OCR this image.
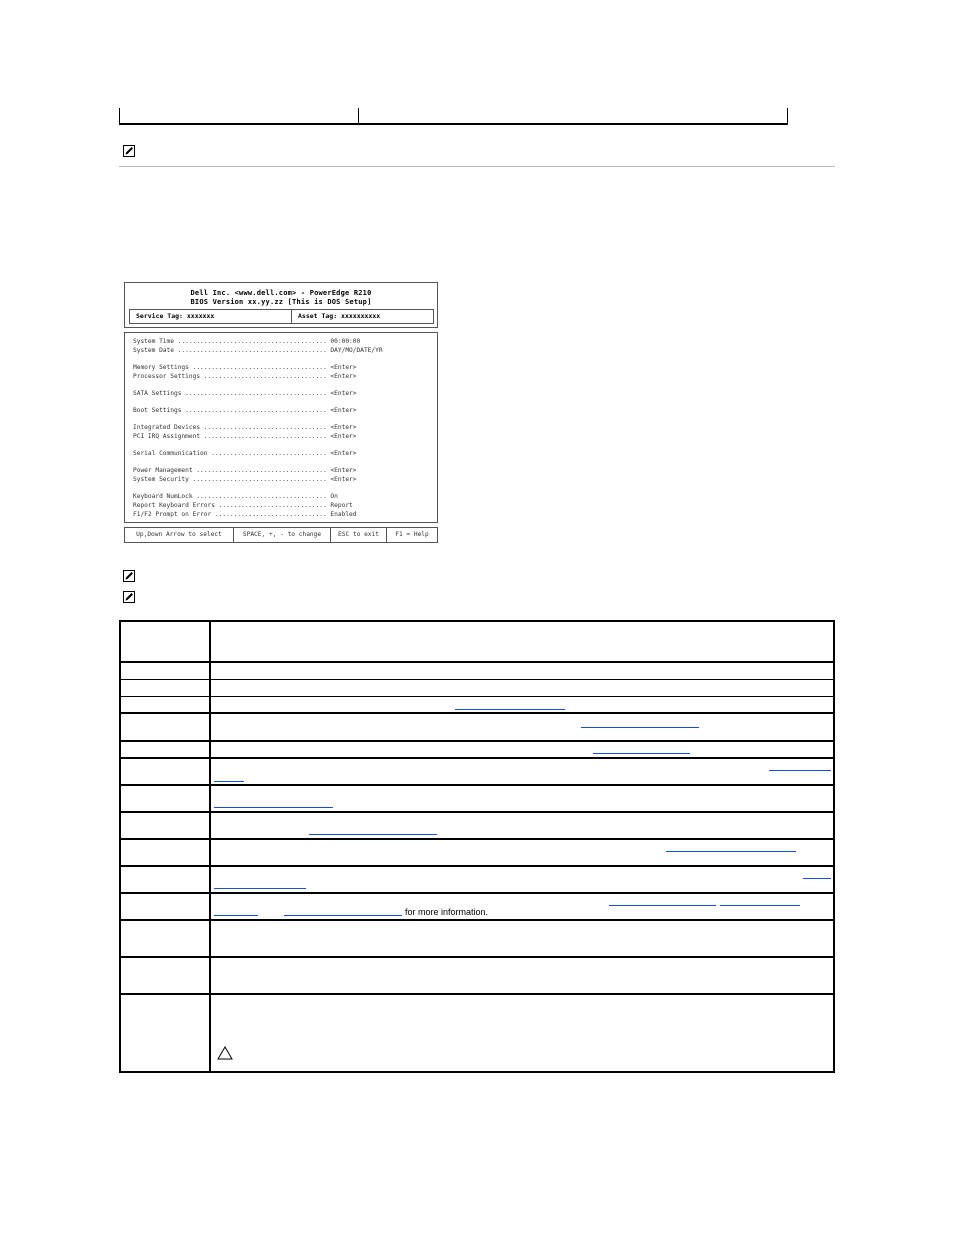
Dell Inc. <www.dell.com> - PowerEdge R210
BIOS Version xx.yy.zz [This is DOS Setup]
Service Tag: xxxxxxx	Asset Tag: xxxxxxxxxx
System Time ........................................ 00:00:00
System Date ........................................ DAY/MO/DATE/YR
Memory Settings .................................... <Enter>
Processor Settings ................................. <Enter>
SATA Settings ...................................... <Enter>
Boot Settings ...................................... <Enter>
Integrated Devices ................................. <Enter>
PCI IRQ Assignment ................................. <Enter>
Serial Communication ............................... <Enter>
Power Management ................................... <Enter>
System Security .................................... <Enter>
Keyboard NumLock ................................... On
Report Keyboard Errors ............................. Report
F1/F2 Prompt on Error .............................. Enabled
Up,Down Arrow to select	SPACE, +, - to change	ESC to exit	F1 = Help
for more information.
